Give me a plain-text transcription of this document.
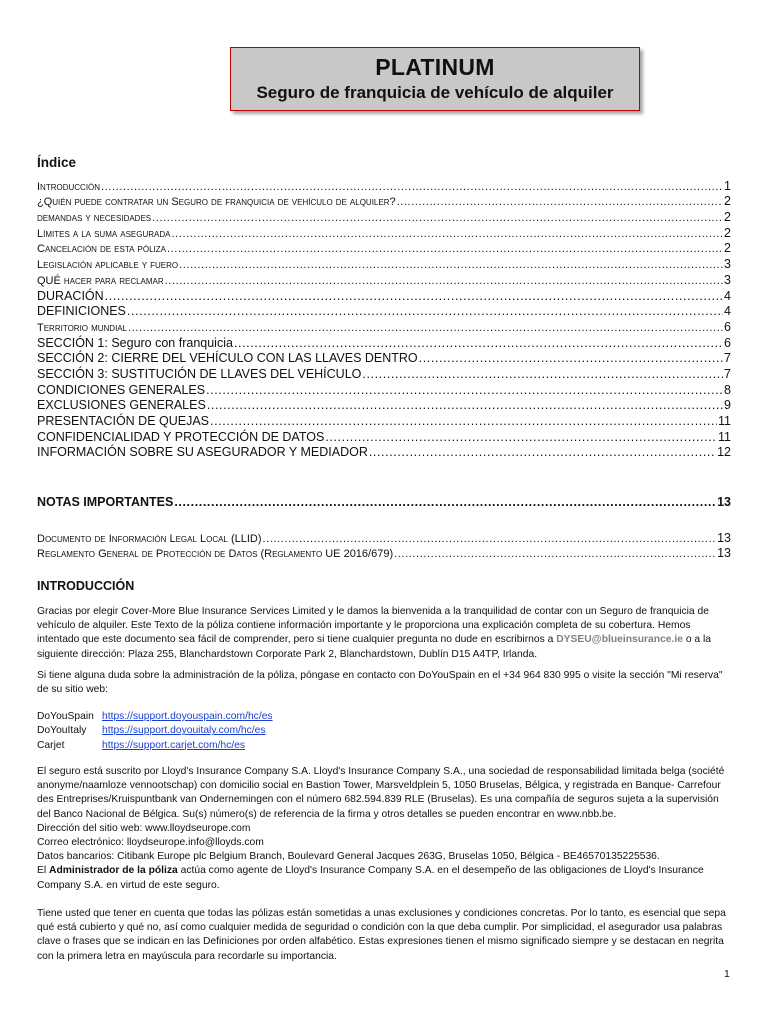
PLATINUM
Seguro de franquicia de vehículo de alquiler
Índice
Introducción .....	1
¿Quién puede contratar un Seguro de franquicia de vehículo de alquiler? .....	2
demandas y necesidades .....	2
Límites a la suma asegurada .....	2
Cancelación de esta póliza .....	2
Legislación aplicable y fuero .....	3
QUÉ hacer para reclamar .....	3
DURACIÓN .....	4
DEFINICIONES .....	4
Territorio mundial .....	6
SECCIÓN 1: Seguro con franquicia .....	6
SECCIÓN 2: CIERRE DEL VEHÍCULO CON LAS LLAVES DENTRO .....	7
SECCIÓN 3: SUSTITUCIÓN DE LLAVES DEL VEHÍCULO .....	7
CONDICIONES GENERALES .....	8
EXCLUSIONES GENERALES .....	9
PRESENTACIÓN DE QUEJAS .....	11
CONFIDENCIALIDAD Y PROTECCIÓN DE DATOS .....	11
INFORMACIÓN SOBRE SU ASEGURADOR Y MEDIADOR .....	12
NOTAS IMPORTANTES .....	13
Documento de Información Legal Local (LLID) .....	13
Reglamento General de Protección de Datos (Reglamento UE 2016/679) .....	13
INTRODUCCIÓN

Gracias por elegir Cover-More Blue Insurance Services Limited y le damos la bienvenida a la tranquilidad de contar con un Seguro de franquicia de vehículo de alquiler. Este Texto de la póliza contiene información importante y le proporciona una explicación completa de su cobertura. Hemos intentado que este documento sea fácil de comprender, pero si tiene cualquier pregunta no dude en escribirnos a DYSEU@blueinsurance.ie o a la siguiente dirección: Plaza 255, Blanchardstown Corporate Park 2, Blanchardstown, Dublín D15 A4TP, Irlanda.

Si tiene alguna duda sobre la administración de la póliza, póngase en contacto con DoYouSpain en el +34 964 830 995 o visite la sección "Mi reserva" de su sitio web:

DoYouSpain https://support.doyouspain.com/hc/es
DoYouItaly	https://support.doyouitaly.com/hc/es
Carjet	https://support.carjet.com/hc/es

El seguro está suscrito por Lloyd's Insurance Company S.A. Lloyd's Insurance Company S.A., una sociedad de responsabilidad limitada belga (société anonyme/naamloze vennootschap) con domicilio social en Bastion Tower, Marsveldplein 5, 1050 Bruselas, Bélgica, y registrada en Banque- Carrefour des Entreprises/Kruispuntbank van Ondernemingen con el número 682.594.839 RLE (Bruselas). Es una compañía de seguros sujeta a la supervisión del Banco Nacional de Bélgica. Su(s) número(s) de referencia de la firma y otros detalles se pueden encontrar en www.nbb.be.

Dirección del sitio web: www.lloydseurope.com

Correo electrónico: lloydseurope.info@lloyds.com

Datos bancarios: Citibank Europe plc Belgium Branch, Boulevard General Jacques 263G, Bruselas 1050, Bélgica - BE46570135225536.

El Administrador de la póliza actúa como agente de Lloyd's Insurance Company S.A. en el desempeño de las obligaciones de Lloyd's Insurance Company S.A. en virtud de este seguro.

Tiene usted que tener en cuenta que todas las pólizas están sometidas a unas exclusiones y condiciones concretas. Por lo tanto, es esencial que sepa qué está cubierto y qué no, así como cualquier medida de seguridad o condición con la que deba cumplir. Por simplicidad, el asegurador usa palabras clave o frases que se indican en las Definiciones por orden alfabético. Estas expresiones tienen el mismo significado siempre y se destacan en negrita con la primera letra en mayúscula para recordarle su importancia.

1
